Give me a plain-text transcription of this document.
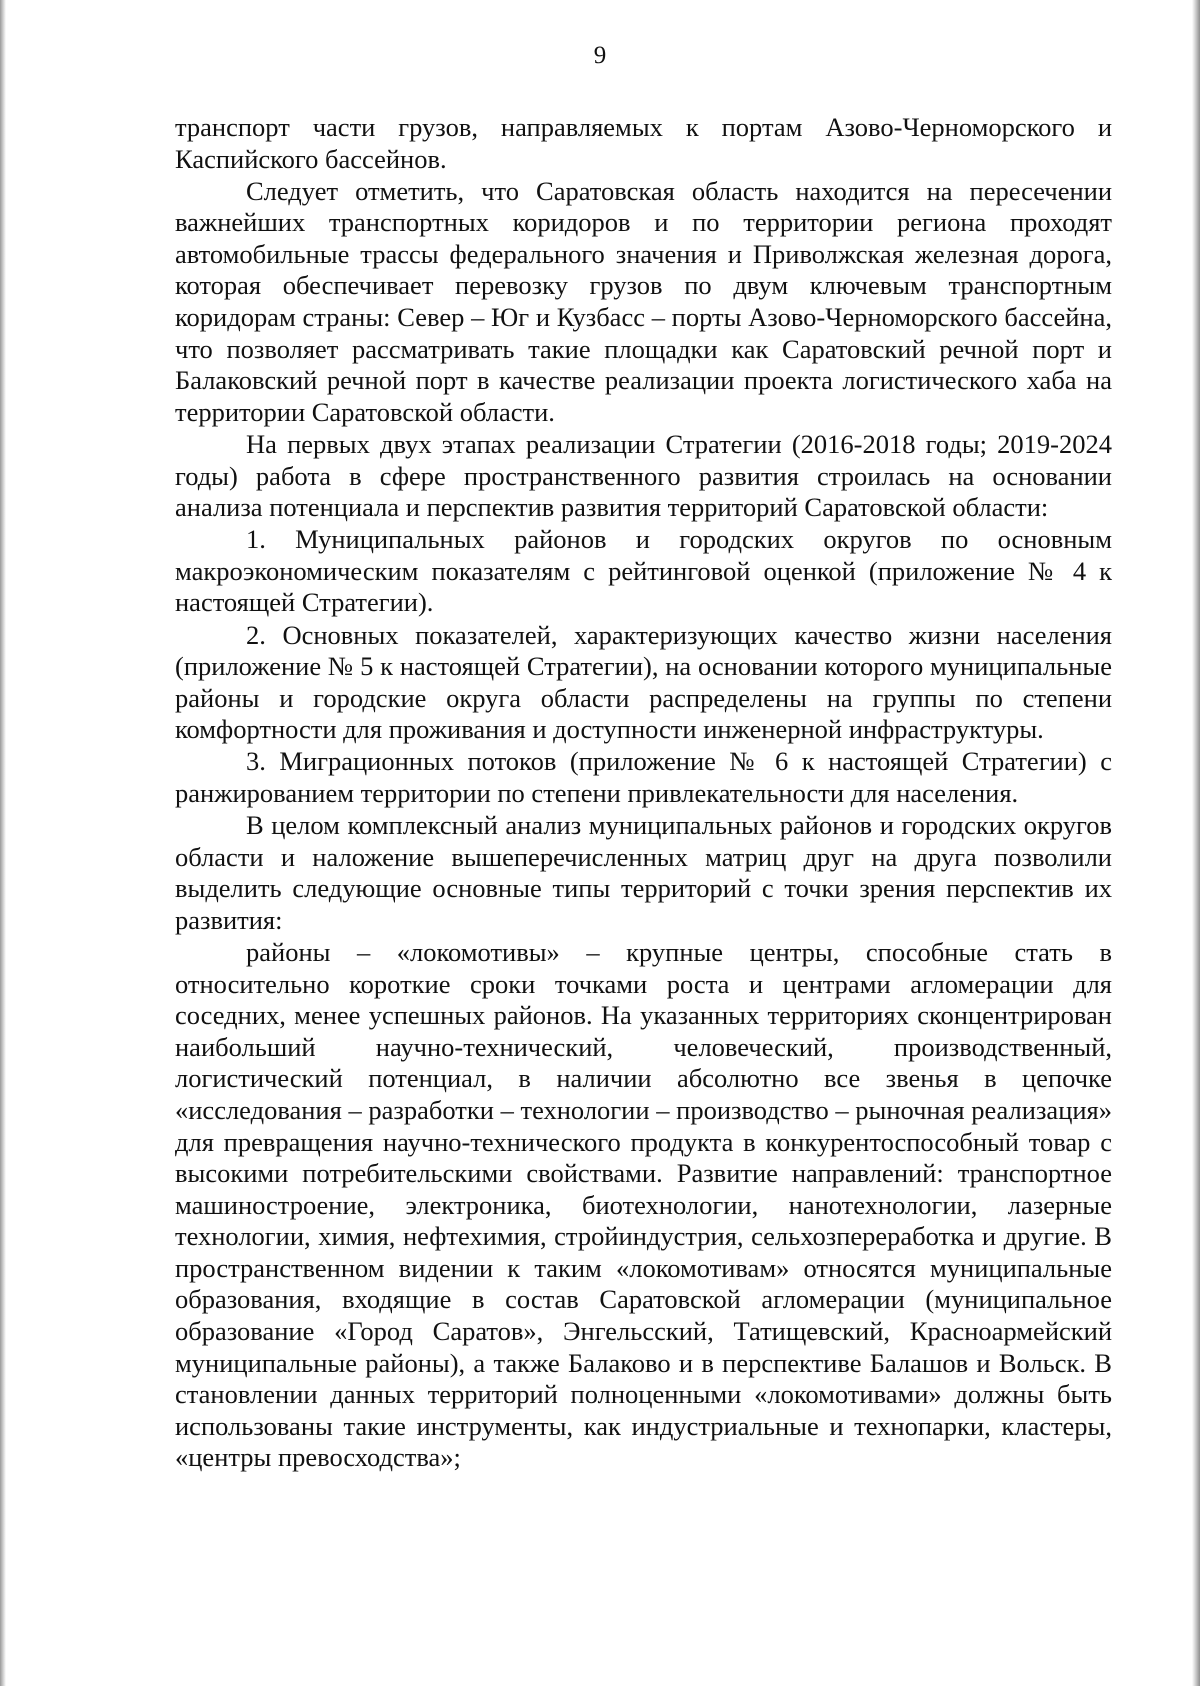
9

транспорт части грузов, направляемых к портам Азово-Черноморского и Каспийского бассейнов.

Следует отметить, что Саратовская область находится на пересечении важнейших транспортных коридоров и по территории региона проходят автомобильные трассы федерального значения и Приволжская железная дорога, которая обеспечивает перевозку грузов по двум ключевым транспортным коридорам страны: Север – Юг и Кузбасс – порты Азово-Черноморского бассейна, что позволяет рассматривать такие площадки как Саратовский речной порт и Балаковский речной порт в качестве реализации проекта логистического хаба на территории Саратовской области.

На первых двух этапах реализации Стратегии (2016-2018 годы; 2019-2024 годы) работа в сфере пространственного развития строилась на основании анализа потенциала и перспектив развития территорий Саратовской области:

1. Муниципальных районов и городских округов по основным макроэкономическим показателям с рейтинговой оценкой (приложение № 4 к настоящей Стратегии).

2. Основных показателей, характеризующих качество жизни населения (приложение № 5 к настоящей Стратегии), на основании которого муниципальные районы и городские округа области распределены на группы по степени комфортности для проживания и доступности инженерной инфраструктуры.

3. Миграционных потоков (приложение № 6 к настоящей Стратегии) с ранжированием территории по степени привлекательности для населения.

В целом комплексный анализ муниципальных районов и городских округов области и наложение вышеперечисленных матриц друг на друга позволили выделить следующие основные типы территорий с точки зрения перспектив их развития:

районы – «локомотивы» – крупные центры, способные стать в относительно короткие сроки точками роста и центрами агломерации для соседних, менее успешных районов. На указанных территориях сконцентрирован наибольший научно-технический, человеческий, производственный, логистический потенциал, в наличии абсолютно все звенья в цепочке «исследования – разработки – технологии – производство – рыночная реализация» для превращения научно-технического продукта в конкурентоспособный товар с высокими потребительскими свойствами. Развитие направлений: транспортное машиностроение, электроника, биотехнологии, нанотехнологии, лазерные технологии, химия, нефтехимия, стройиндустрия, сельхозпереработка и другие. В пространственном видении к таким «локомотивам» относятся муниципальные образования, входящие в состав Саратовской агломерации (муниципальное образование «Город Саратов», Энгельсский, Татищевский, Красноармейский муниципальные районы), а также Балаково и в перспективе Балашов и Вольск. В становлении данных территорий полноценными «локомотивами» должны быть использованы такие инструменты, как индустриальные и технопарки, кластеры, «центры превосходства»;
